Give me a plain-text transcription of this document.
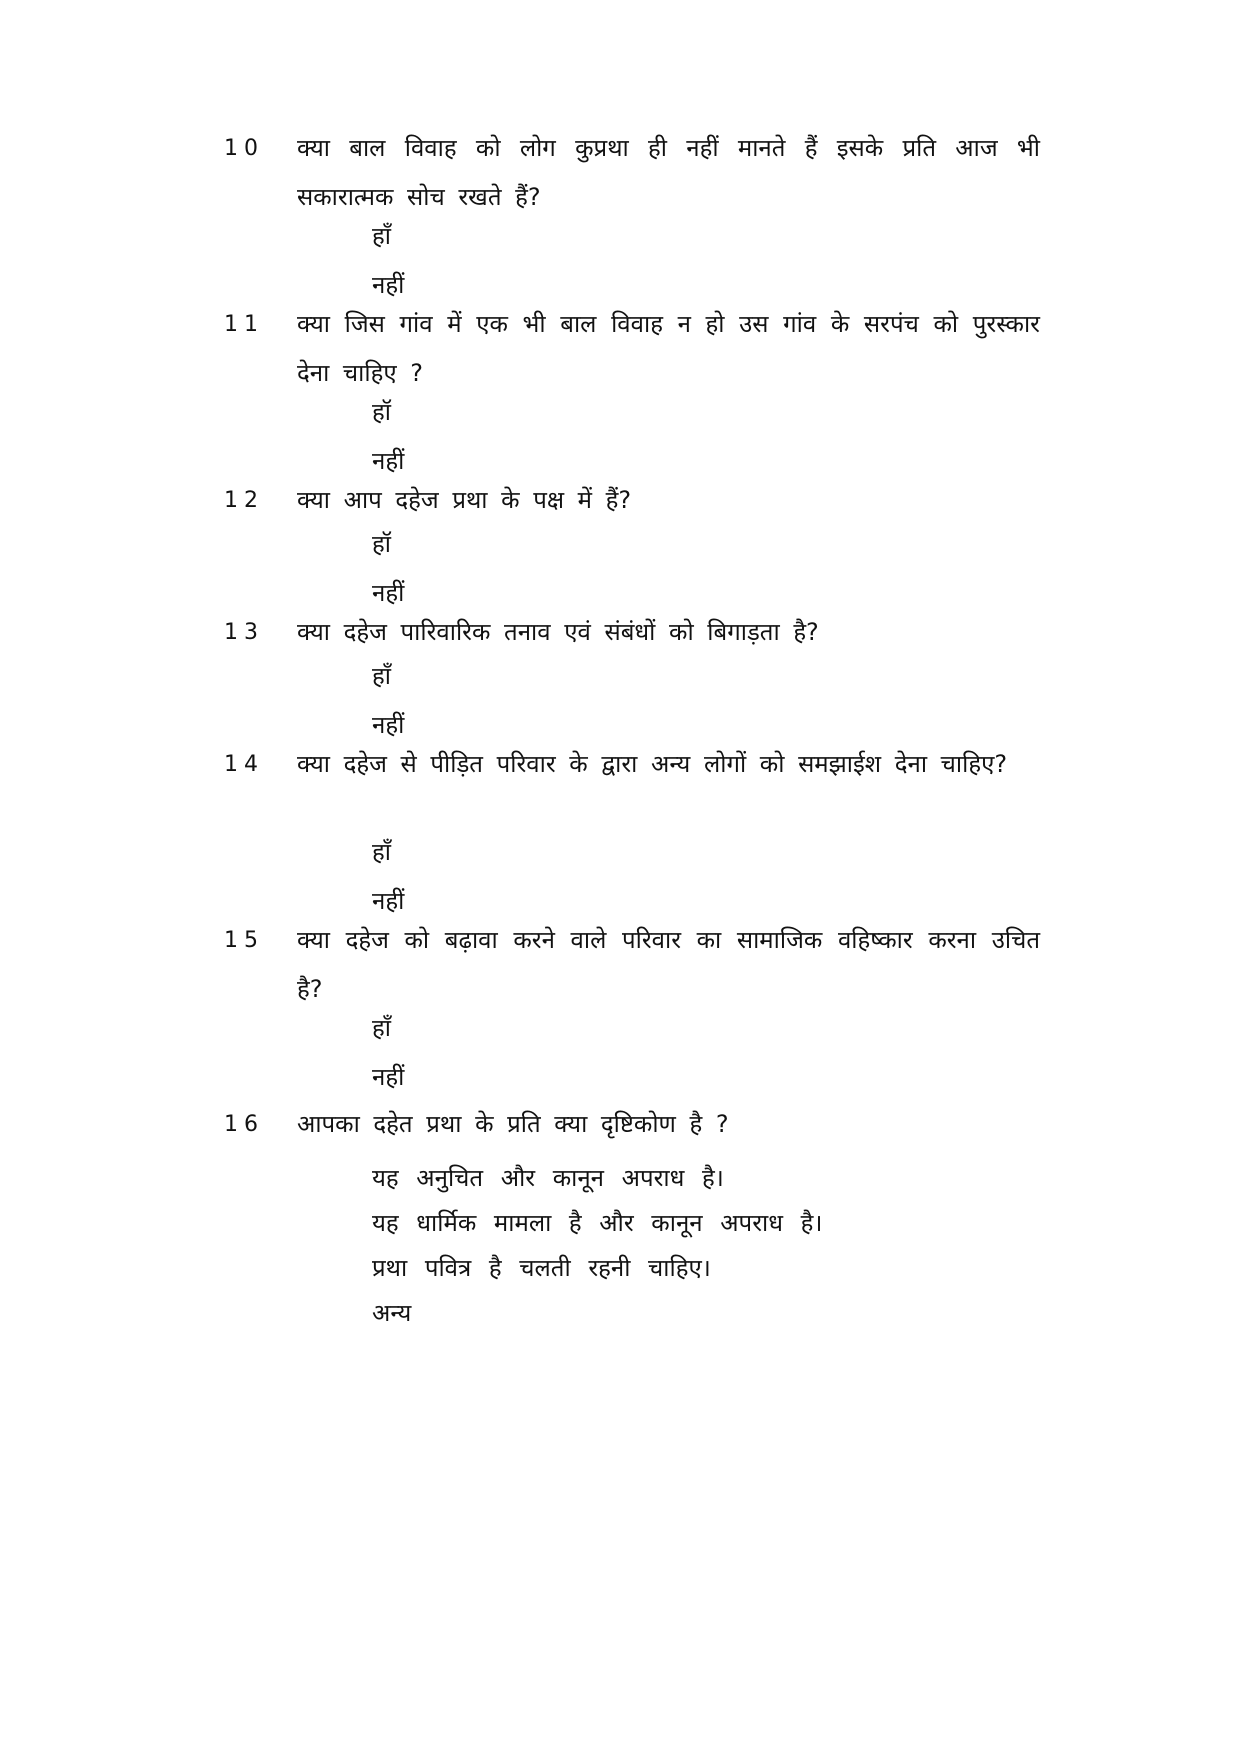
10	क्या बाल विवाह को लोग कुप्रथा ही नहीं मानते हैं इसके प्रति आज भी सकारात्मक सोच रखते हैं?
हाँ
नहीं
11	क्या जिस गांव में एक भी बाल विवाह न हो उस गांव के सरपंच को पुरस्कार देना चाहिए ?
हॉ
नहीं
12	क्या आप दहेज प्रथा के पक्ष में हैं?
हॉ
नहीं
13	क्या दहेज पारिवारिक तनाव एवं संबंधों को बिगाड़ता है?
हाँ
नहीं
14	क्या दहेज से पीड़ित परिवार के द्वारा अन्य लोगों को समझाईश देना चाहिए?
हाँ
नहीं
15	क्या दहेज को बढ़ावा करने वाले परिवार का सामाजिक वहिष्कार करना उचित है?
हाँ
नहीं
16	आपका दहेत प्रथा के प्रति क्या दृष्टिकोण है ?
यह अनुचित और कानून अपराध है।
यह धार्मिक मामला है और कानून अपराध है।
प्रथा पवित्र है चलती रहनी चाहिए।
अन्य
